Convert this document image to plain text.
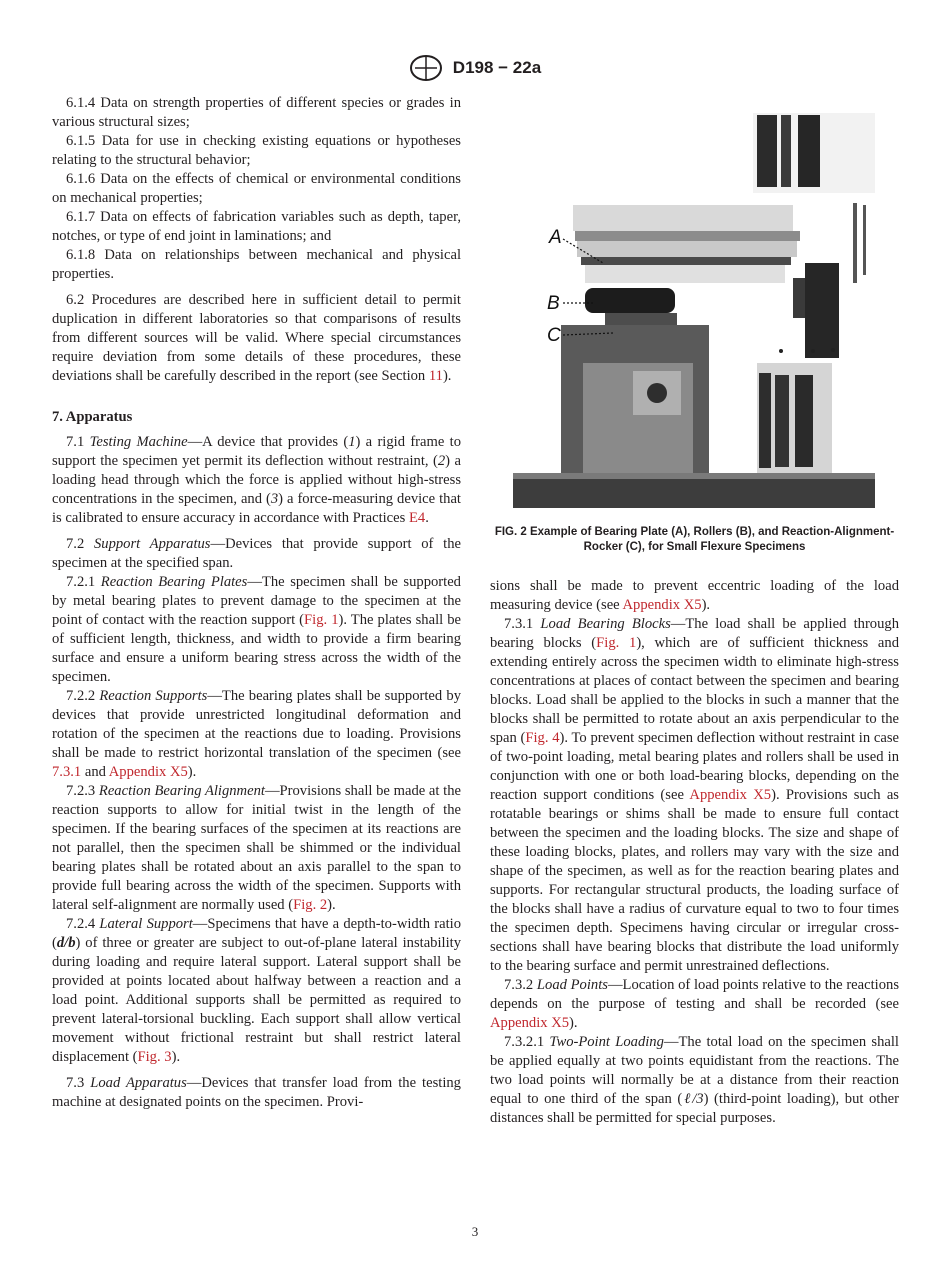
D198 − 22a

6.1.4 Data on strength properties of different species or grades in various structural sizes;

6.1.5 Data for use in checking existing equations or hypotheses relating to the structural behavior;

6.1.6 Data on the effects of chemical or environmental conditions on mechanical properties;

6.1.7 Data on effects of fabrication variables such as depth, taper, notches, or type of end joint in laminations; and

6.1.8 Data on relationships between mechanical and physical properties.

6.2 Procedures are described here in sufficient detail to permit duplication in different laboratories so that comparisons of results from different sources will be valid. Where special circumstances require deviation from some details of these procedures, these deviations shall be carefully described in the report (see Section 11).

7. Apparatus

7.1 Testing Machine—A device that provides (1) a rigid frame to support the specimen yet permit its deflection without restraint, (2) a loading head through which the force is applied without high-stress concentrations in the specimen, and (3) a force-measuring device that is calibrated to ensure accuracy in accordance with Practices E4.

7.2 Support Apparatus—Devices that provide support of the specimen at the specified span.

7.2.1 Reaction Bearing Plates—The specimen shall be supported by metal bearing plates to prevent damage to the specimen at the point of contact with the reaction support (Fig. 1). The plates shall be of sufficient length, thickness, and width to provide a firm bearing surface and ensure a uniform bearing stress across the width of the specimen.

7.2.2 Reaction Supports—The bearing plates shall be supported by devices that provide unrestricted longitudinal deformation and rotation of the specimen at the reactions due to loading. Provisions shall be made to restrict horizontal translation of the specimen (see 7.3.1 and Appendix X5).

7.2.3 Reaction Bearing Alignment—Provisions shall be made at the reaction supports to allow for initial twist in the length of the specimen. If the bearing surfaces of the specimen at its reactions are not parallel, then the specimen shall be shimmed or the individual bearing plates shall be rotated about an axis parallel to the span to provide full bearing across the width of the specimen. Supports with lateral self-alignment are normally used (Fig. 2).

7.2.4 Lateral Support—Specimens that have a depth-to-width ratio (d/b) of three or greater are subject to out-of-plane lateral instability during loading and require lateral support. Lateral support shall be provided at points located about halfway between a reaction and a load point. Additional supports shall be permitted as required to prevent lateral-torsional buckling. Each support shall allow vertical movement without frictional restraint but shall restrict lateral displacement (Fig. 3).

7.3 Load Apparatus—Devices that transfer load from the testing machine at designated points on the specimen. Provi-

A
B
C
FIG. 2 Example of Bearing Plate (A), Rollers (B), and Reaction-Alignment-Rocker (C), for Small Flexure Specimens

sions shall be made to prevent eccentric loading of the load measuring device (see Appendix X5).

7.3.1 Load Bearing Blocks—The load shall be applied through bearing blocks (Fig. 1), which are of sufficient thickness and extending entirely across the specimen width to eliminate high-stress concentrations at places of contact between the specimen and bearing blocks. Load shall be applied to the blocks in such a manner that the blocks shall be permitted to rotate about an axis perpendicular to the span (Fig. 4). To prevent specimen deflection without restraint in case of two-point loading, metal bearing plates and rollers shall be used in conjunction with one or both load-bearing blocks, depending on the reaction support conditions (see Appendix X5). Provisions such as rotatable bearings or shims shall be made to ensure full contact between the specimen and the loading blocks. The size and shape of these loading blocks, plates, and rollers may vary with the size and shape of the specimen, as well as for the reaction bearing plates and supports. For rectangular structural products, the loading surface of the blocks shall have a radius of curvature equal to two to four times the specimen depth. Specimens having circular or irregular cross-sections shall have bearing blocks that distribute the load uniformly to the bearing surface and permit unrestrained deflections.

7.3.2 Load Points—Location of load points relative to the reactions depends on the purpose of testing and shall be recorded (see Appendix X5).

7.3.2.1 Two-Point Loading—The total load on the specimen shall be applied equally at two points equidistant from the reactions. The two load points will normally be at a distance from their reaction equal to one third of the span (ℓ/3) (third-point loading), but other distances shall be permitted for special purposes.

3
